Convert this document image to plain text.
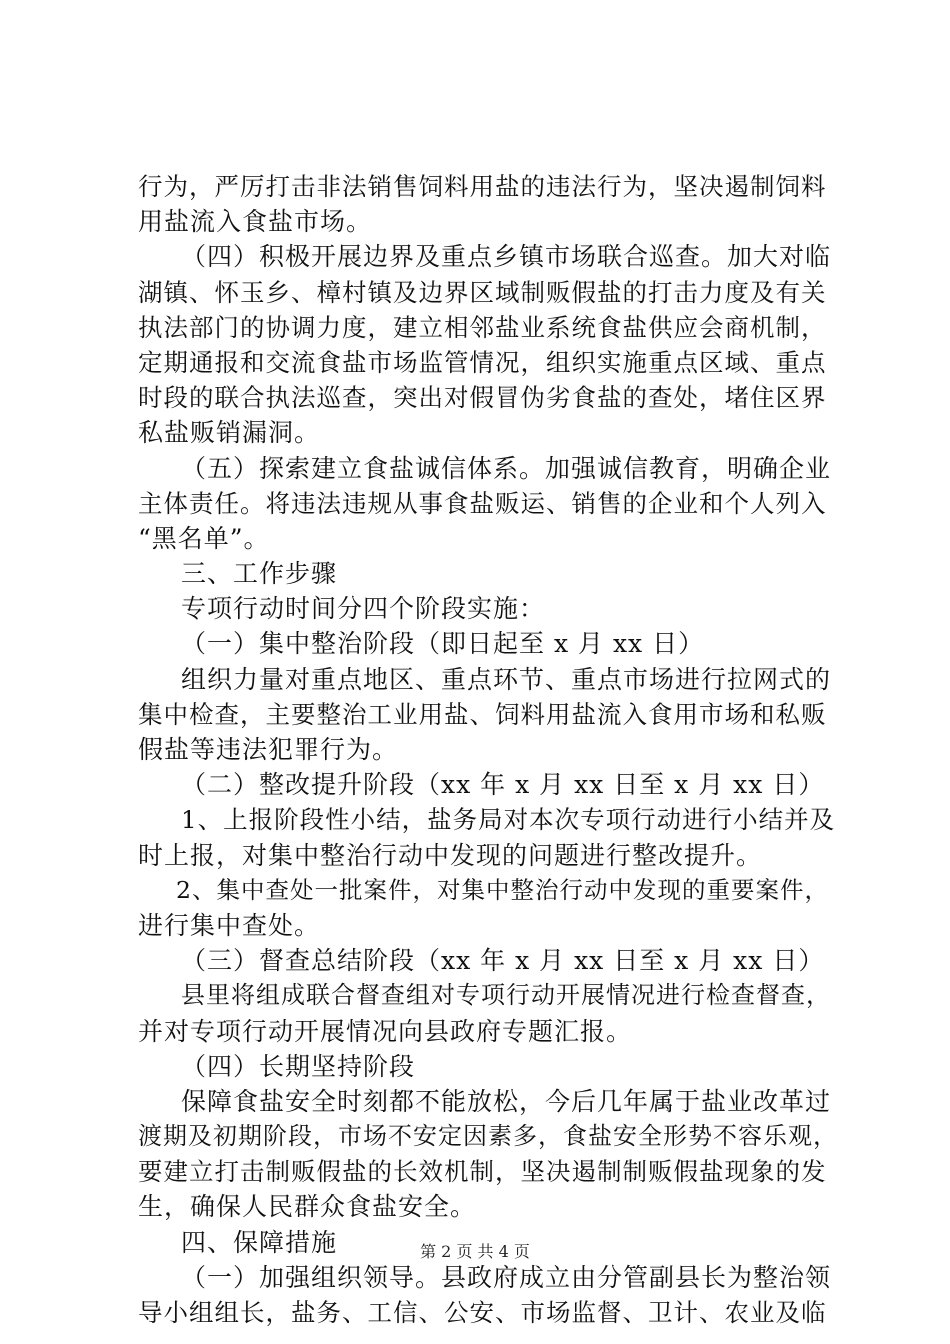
行为，严厉打击非法销售饲料用盐的违法行为，坚决遏制饲料
用盐流入食盐市场。
（四）积极开展边界及重点乡镇市场联合巡查。加大对临
湖镇、怀玉乡、樟村镇及边界区域制贩假盐的打击力度及有关
执法部门的协调力度，建立相邻盐业系统食盐供应会商机制，
定期通报和交流食盐市场监管情况，组织实施重点区域、重点
时段的联合执法巡查，突出对假冒伪劣食盐的查处，堵住区界
私盐贩销漏洞。
（五）探索建立食盐诚信体系。加强诚信教育，明确企业
主体责任。将违法违规从事食盐贩运、销售的企业和个人列入
“黑名单”。
三、工作步骤
专项行动时间分四个阶段实施：
（一）集中整治阶段（即日起至 x 月 xx 日）
组织力量对重点地区、重点环节、重点市场进行拉网式的
集中检查，主要整治工业用盐、饲料用盐流入食用市场和私贩
假盐等违法犯罪行为。
（二）整改提升阶段（xx 年 x 月 xx 日至 x 月 xx 日）
1、上报阶段性小结，盐务局对本次专项行动进行小结并及
时上报，对集中整治行动中发现的问题进行整改提升。
2、集中查处一批案件，对集中整治行动中发现的重要案件，
进行集中查处。
（三）督查总结阶段（xx 年 x 月 xx 日至 x 月 xx 日）
县里将组成联合督查组对专项行动开展情况进行检查督查，
并对专项行动开展情况向县政府专题汇报。
（四）长期坚持阶段
保障食盐安全时刻都不能放松，今后几年属于盐业改革过
渡期及初期阶段，市场不安定因素多，食盐安全形势不容乐观，
要建立打击制贩假盐的长效机制，坚决遏制制贩假盐现象的发
生，确保人民群众食盐安全。
四、保障措施
（一）加强组织领导。县政府成立由分管副县长为整治领
导小组组长，盐务、工信、公安、市场监督、卫计、农业及临
第 2 页 共 4 页
